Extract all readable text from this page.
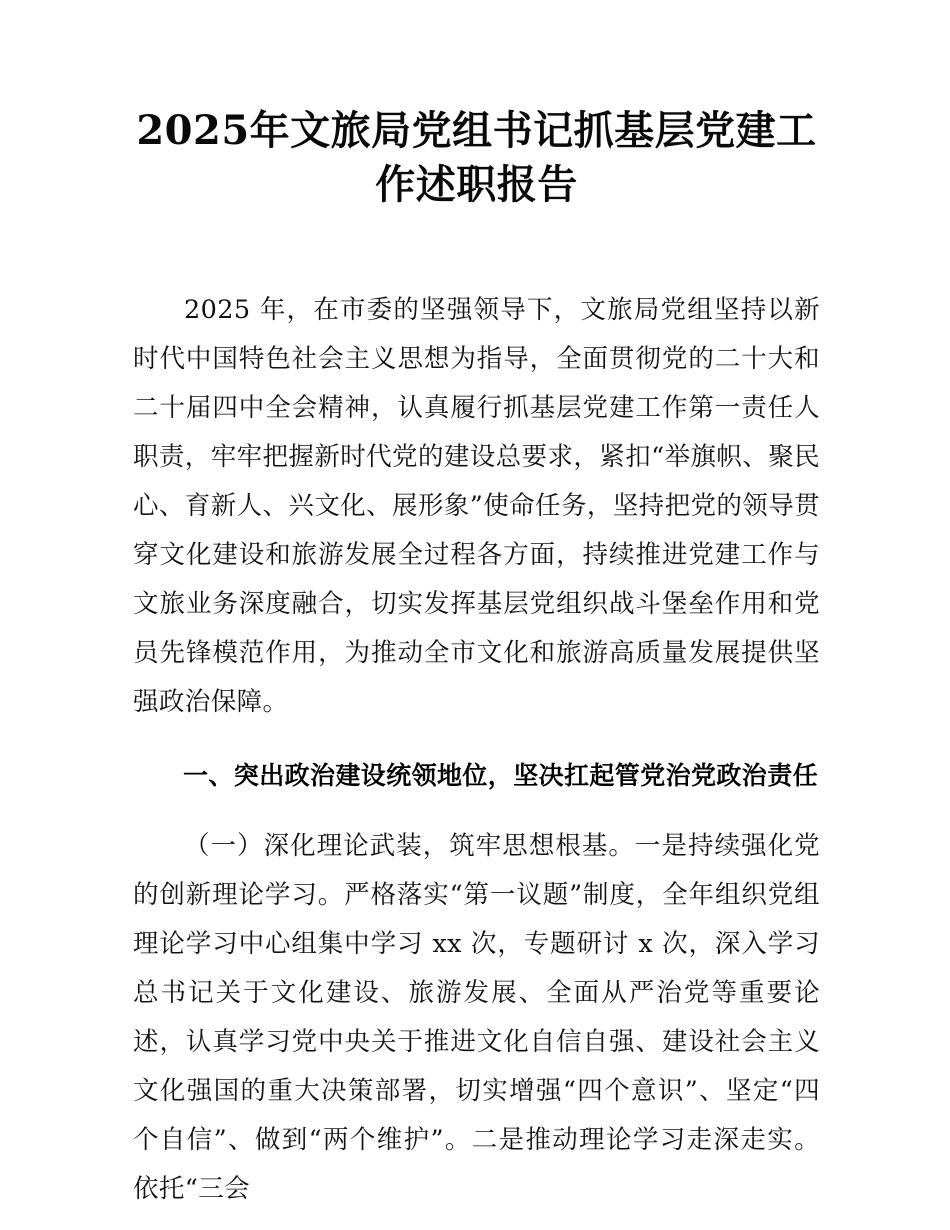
2025年文旅局党组书记抓基层党建工作述职报告

2025 年，在市委的坚强领导下，文旅局党组坚持以新时代中国特色社会主义思想为指导，全面贯彻党的二十大和二十届四中全会精神，认真履行抓基层党建工作第一责任人职责，牢牢把握新时代党的建设总要求，紧扣“举旗帜、聚民心、育新人、兴文化、展形象”使命任务，坚持把党的领导贯穿文化建设和旅游发展全过程各方面，持续推进党建工作与文旅业务深度融合，切实发挥基层党组织战斗堡垒作用和党员先锋模范作用，为推动全市文化和旅游高质量发展提供坚强政治保障。

一、突出政治建设统领地位，坚决扛起管党治党政治责任

（一）深化理论武装，筑牢思想根基。一是持续强化党的创新理论学习。严格落实“第一议题”制度，全年组织党组理论学习中心组集中学习 xx 次，专题研讨 x 次，深入学习总书记关于文化建设、旅游发展、全面从严治党等重要论述，认真学习党中央关于推进文化自信自强、建设社会主义文化强国的重大决策部署，切实增强“四个意识”、坚定“四个自信”、做到“两个维护”。二是推动理论学习走深走实。依托“三会
